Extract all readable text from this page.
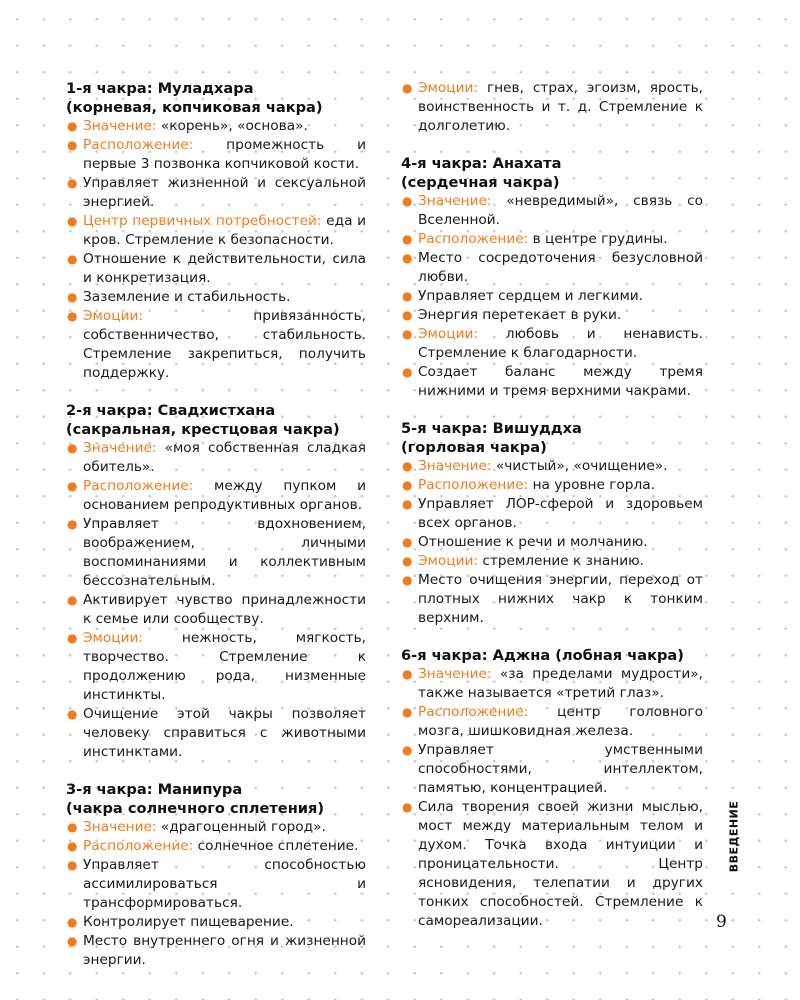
1-я чакра: Муладхара
(корневая, копчиковая чакра)
● Значение: «корень», «основа».
● Расположение: промежность и первые 3 позвонка копчиковой кости.
● Управляет жизненной и сексуальной энергией.
● Центр первичных потребностей: еда и кров. Стремление к безопасности.
● Отношение к действительности, сила и конкретизация.
● Заземление и стабильность.
● Эмоции: привязанность, собственничество, стабильность. Стремление закрепиться, получить поддержку.
2-я чакра: Свадхистхана
(сакральная, крестцовая чакра)
● Значение: «моя собственная сладкая обитель».
● Расположение: между пупком и основанием репродуктивных органов.
● Управляет вдохновением, воображением, личными воспоминаниями и коллективным бессознательным.
● Активирует чувство принадлежности к семье или сообществу.
● Эмоции: нежность, мягкость, творчество. Стремление к продолжению рода, низменные инстинкты.
● Очищение этой чакры позволяет человеку справиться с животными инстинктами.
3-я чакра: Манипура
(чакра солнечного сплетения)
● Значение: «драгоценный город».
● Расположение: солнечное сплетение.
● Управляет способностью ассимилироваться и трансформироваться.
● Контролирует пищеварение.
● Место внутреннего огня и жизненной энергии.
● Эмоции: гнев, страх, эгоизм, ярость, воинственность и т. д. Стремление к долголетию.
4-я чакра: Анахата
(сердечная чакра)
● Значение: «невредимый», связь со Вселенной.
● Расположение: в центре грудины.
● Место сосредоточения безусловной любви.
● Управляет сердцем и легкими.
● Энергия перетекает в руки.
● Эмоции: любовь и ненависть. Стремление к благодарности.
● Создает баланс между тремя нижними и тремя верхними чакрами.
5-я чакра: Вишуддха
(горловая чакра)
● Значение: «чистый», «очищение».
● Расположение: на уровне горла.
● Управляет ЛОР-сферой и здоровьем всех органов.
● Отношение к речи и молчанию.
● Эмоции: стремление к знанию.
● Место очищения энергии, переход от плотных нижних чакр к тонким верхним.
6-я чакра: Аджна (лобная чакра)
● Значение: «за пределами мудрости», также называется «третий глаз».
● Расположение: центр головного мозга, шишковидная железа.
● Управляет умственными способностями, интеллектом, памятью, концентрацией.
● Сила творения своей жизни мыслью, мост между материальным телом и духом. Точка входа интуиции и проницательности. Центр ясновидения, телепатии и других тонких способностей. Стремление к самореализации.
ВВЕДЕНИЕ
9
